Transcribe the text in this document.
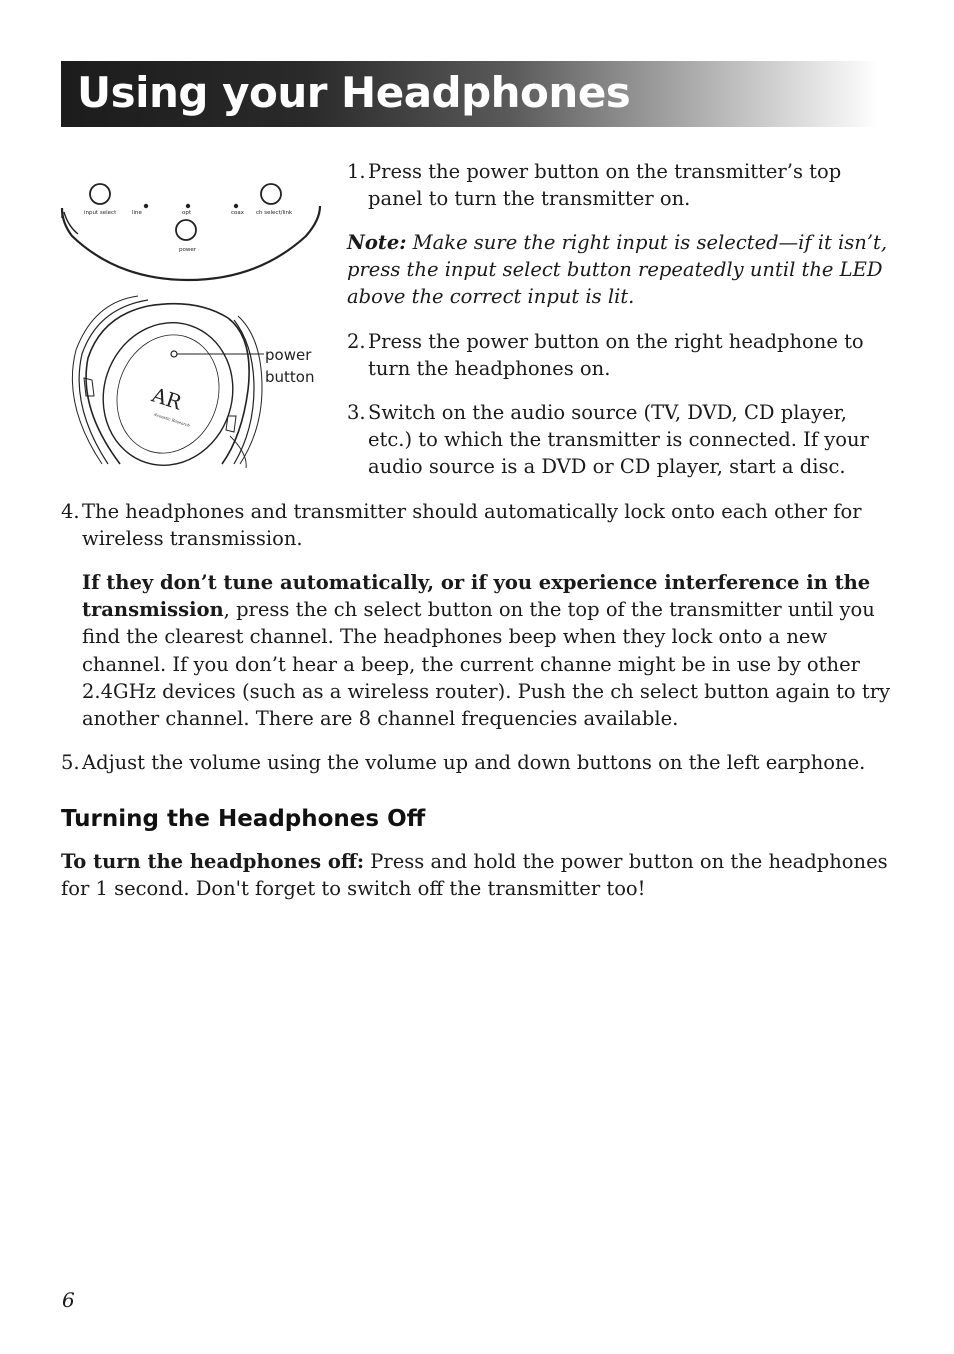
Using your Headphones
input select	line	opt	coax ch select/link
power
AR
Acoustic Research
power
button
1. Press the power button on the transmitter’s top
panel to turn the transmitter on.
Note: Make sure the right input is selected—if it isn’t,
press the input select button repeatedly until the LED
above the correct input is lit.
2. Press the power button on the right headphone to
turn the headphones on.
3. Switch on the audio source (TV, DVD, CD player,
etc.) to which the transmitter is connected. If your
audio source is a DVD or CD player, start a disc.
4. The headphones and transmitter should automatically lock onto each other for
wireless transmission.
If they don’t tune automatically, or if you experience interference in the
transmission, press the ch select button on the top of the transmitter until you
find the clearest channel. The headphones beep when they lock onto a new
channel. If you don’t hear a beep, the current channe might be in use by other
2.4GHz devices (such as a wireless router). Push the ch select button again to try
another channel. There are 8 channel frequencies available.
5. Adjust the volume using the volume up and down buttons on the left earphone.
Turning the Headphones Off
To turn the headphones off: Press and hold the power button on the headphones
for 1 second. Don't forget to switch off the transmitter too!
6
